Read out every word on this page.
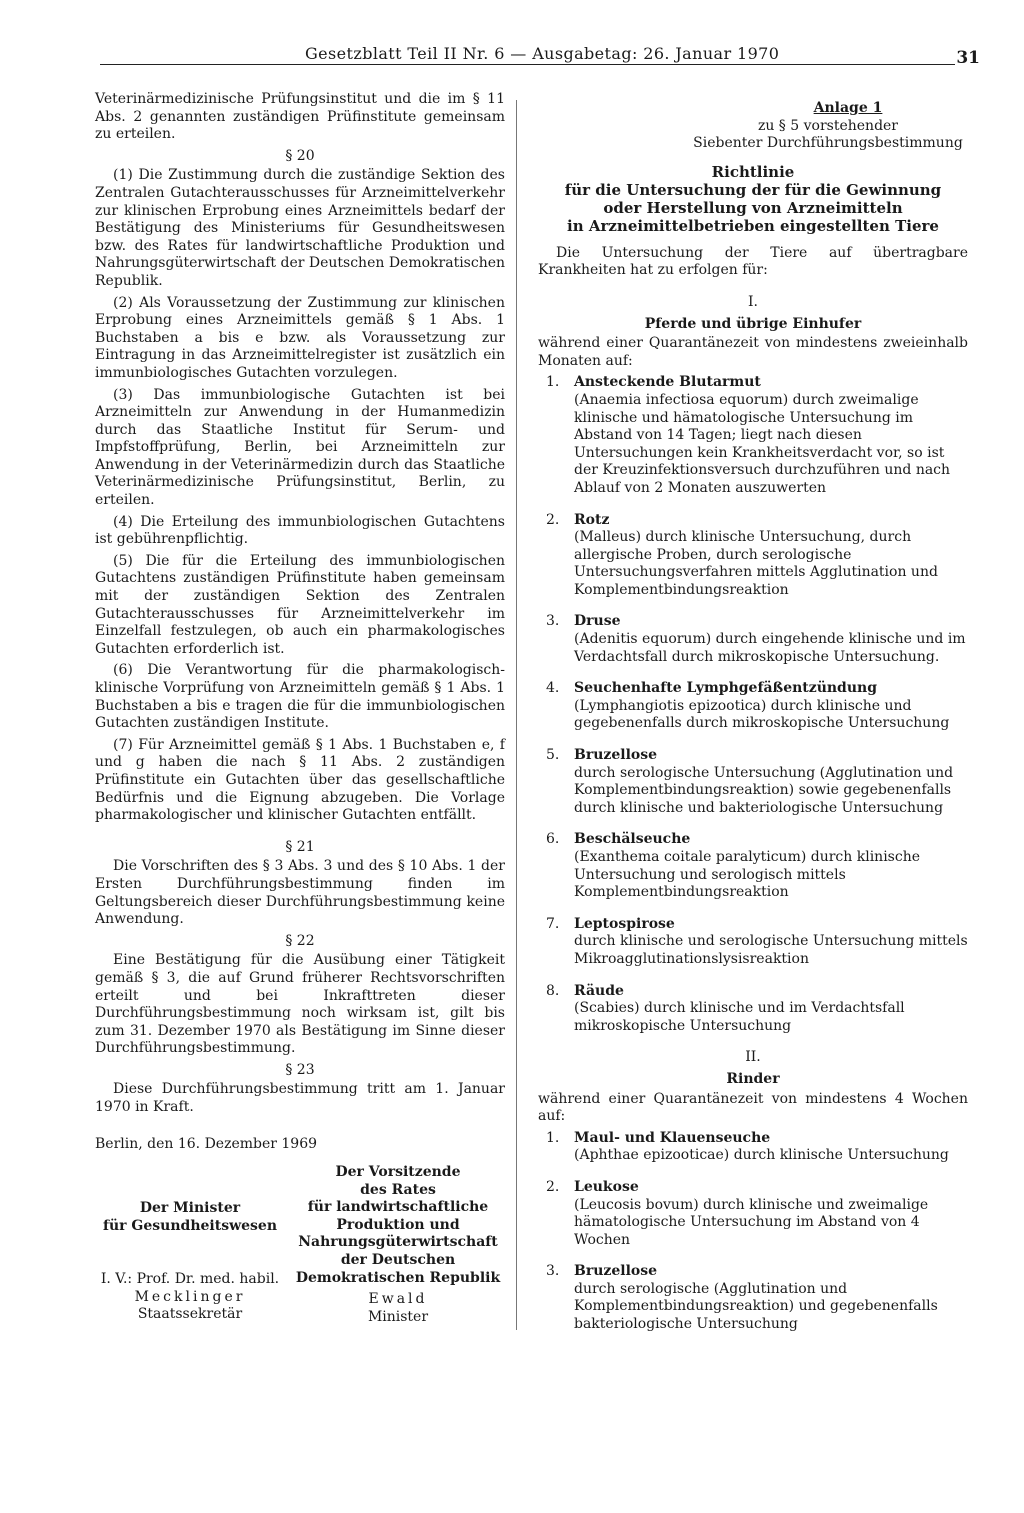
Gesetzblatt Teil II Nr. 6 — Ausgabetag: 26. Januar 1970	31

Veterinärmedizinische Prüfungsinstitut und die im § 11 Abs. 2 genannten zuständigen Prüfinstitute gemeinsam zu erteilen.

§ 20

(1) Die Zustimmung durch die zuständige Sektion des Zentralen Gutachterausschusses für Arzneimittelverkehr zur klinischen Erprobung eines Arzneimittels bedarf der Bestätigung des Ministeriums für Gesundheitswesen bzw. des Rates für landwirtschaftliche Produktion und Nahrungsgüterwirtschaft der Deutschen Demokratischen Republik.

(2) Als Voraussetzung der Zustimmung zur klinischen Erprobung eines Arzneimittels gemäß § 1 Abs. 1 Buchstaben a bis e bzw. als Voraussetzung zur Eintragung in das Arzneimittelregister ist zusätzlich ein immunbiologisches Gutachten vorzulegen.

(3) Das immunbiologische Gutachten ist bei Arzneimitteln zur Anwendung in der Humanmedizin durch das Staatliche Institut für Serum- und Impfstoffprüfung, Berlin, bei Arzneimitteln zur Anwendung in der Veterinärmedizin durch das Staatliche Veterinärmedizinische Prüfungsinstitut, Berlin, zu erteilen.

(4) Die Erteilung des immunbiologischen Gutachtens ist gebührenpflichtig.

(5) Die für die Erteilung des immunbiologischen Gutachtens zuständigen Prüfinstitute haben gemeinsam mit der zuständigen Sektion des Zentralen Gutachterausschusses für Arzneimittelverkehr im Einzelfall festzulegen, ob auch ein pharmakologisches Gutachten erforderlich ist.

(6) Die Verantwortung für die pharmakologisch-klinische Vorprüfung von Arzneimitteln gemäß § 1 Abs. 1 Buchstaben a bis e tragen die für die immunbiologischen Gutachten zuständigen Institute.

(7) Für Arzneimittel gemäß § 1 Abs. 1 Buchstaben e, f und g haben die nach § 11 Abs. 2 zuständigen Prüfinstitute ein Gutachten über das gesellschaftliche Bedürfnis und die Eignung abzugeben. Die Vorlage pharmakologischer und klinischer Gutachten entfällt.

§ 21

Die Vorschriften des § 3 Abs. 3 und des § 10 Abs. 1 der Ersten Durchführungsbestimmung finden im Geltungsbereich dieser Durchführungsbestimmung keine Anwendung.

§ 22

Eine Bestätigung für die Ausübung einer Tätigkeit gemäß § 3, die auf Grund früherer Rechtsvorschriften erteilt und bei Inkrafttreten dieser Durchführungsbestimmung noch wirksam ist, gilt bis zum 31. Dezember 1970 als Bestätigung im Sinne dieser Durchführungsbestimmung.

§ 23

Diese Durchführungsbestimmung tritt am 1. Januar 1970 in Kraft.

Berlin, den 16. Dezember 1969
Der Minister
für Gesundheitswesen
I. V.: Prof. Dr. med. habil.
Mecklinger
Staatssekretär
Der Vorsitzende
des Rates
für landwirtschaftliche
Produktion und
Nahrungsgüterwirtschaft
der Deutschen
Demokratischen Republik
Ewald
Minister
Anlage 1
zu § 5 vorstehender
Siebenter Durchführungsbestimmung
Richtlinie
für die Untersuchung der für die Gewinnung
oder Herstellung von Arzneimitteln
in Arzneimittelbetrieben eingestellten Tiere

Die Untersuchung der Tiere auf übertragbare Krankheiten hat zu erfolgen für:

I.
Pferde und übrige Einhufer

während einer Quarantänezeit von mindestens zweieinhalb Monaten auf:

1. Ansteckende Blutarmut
(Anaemia infectiosa equorum) durch zweimalige klinische und hämatologische Untersuchung im Abstand von 14 Tagen; liegt nach diesen Untersuchungen kein Krankheitsverdacht vor, so ist der Kreuzinfektionsversuch durchzuführen und nach Ablauf von 2 Monaten auszuwerten
2. Rotz
(Malleus) durch klinische Untersuchung, durch allergische Proben, durch serologische Untersuchungsverfahren mittels Agglutination und Komplementbindungsreaktion
3. Druse
(Adenitis equorum) durch eingehende klinische und im Verdachtsfall durch mikroskopische Untersuchung.
4. Seuchenhafte Lymphgefäßentzündung
(Lymphangiotis epizootica) durch klinische und gegebenenfalls durch mikroskopische Untersuchung
5. Bruzellose
durch serologische Untersuchung (Agglutination und Komplementbindungsreaktion) sowie gegebenenfalls durch klinische und bakteriologische Untersuchung
6. Beschälseuche
(Exanthema coitale paralyticum) durch klinische Untersuchung und serologisch mittels Komplementbindungsreaktion
7. Leptospirose
durch klinische und serologische Untersuchung mittels Mikroagglutinationslysisreaktion
8. Räude
(Scabies) durch klinische und im Verdachtsfall mikroskopische Untersuchung
II.
Rinder

während einer Quarantänezeit von mindestens 4 Wochen auf:

1. Maul- und Klauenseuche
(Aphthae epizooticae) durch klinische Untersuchung
2. Leukose
(Leucosis bovum) durch klinische und zweimalige hämatologische Untersuchung im Abstand von 4 Wochen
3. Bruzellose
durch serologische (Agglutination und Komplementbindungsreaktion) und gegebenenfalls bakteriologische Untersuchung
